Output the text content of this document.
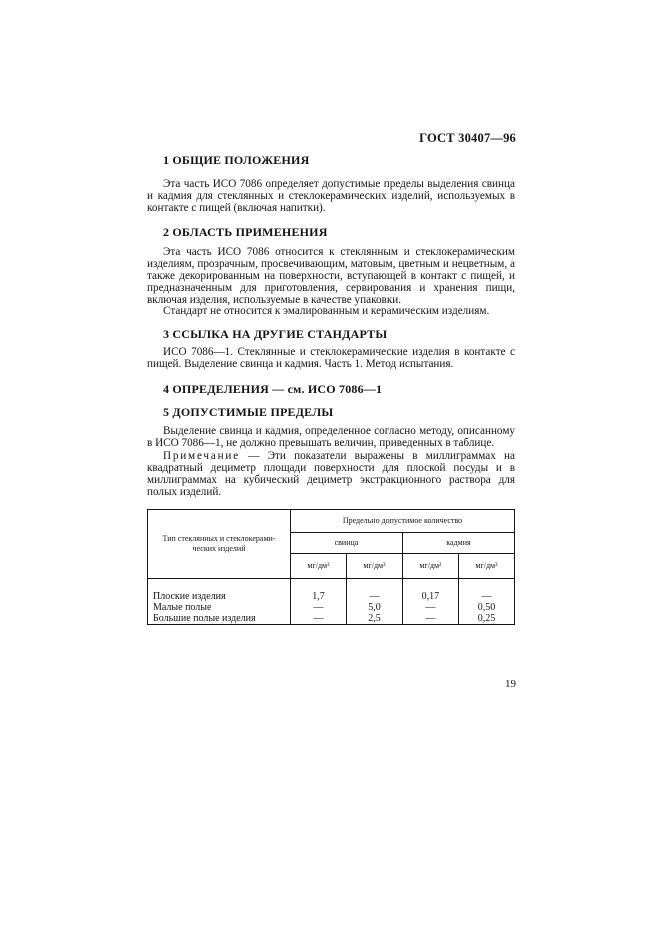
ГОСТ 30407—96
1 ОБЩИЕ ПОЛОЖЕНИЯ

Эта часть ИСО 7086 определяет допустимые пределы выделения свинца и кадмия для стеклянных и стеклокерамических изделий, используемых в контакте с пищей (включая напитки).

2 ОБЛАСТЬ ПРИМЕНЕНИЯ

Эта часть ИСО 7086 относится к стеклянным и стеклокерамическим изделиям, прозрачным, просвечивающим, матовым, цветным и нецветным, а также декорированным на поверхности, вступающей в контакт с пищей, и предназначенным для приготовления, сервирования и хранения пищи, включая изделия, используемые в качестве упаковки.

Стандарт не относится к эмалированным и керамическим изделиям.

3 ССЫЛКА НА ДРУГИЕ СТАНДАРТЫ

ИСО 7086—1. Стеклянные и стеклокерамические изделия в контакте с пищей. Выделение свинца и кадмия. Часть 1. Метод испытания.

4 ОПРЕДЕЛЕНИЯ — см. ИСО 7086—1
5 ДОПУСТИМЫЕ ПРЕДЕЛЫ

Выделение свинца и кадмия, определенное согласно методу, описанному в ИСО 7086—1, не должно превышать величин, приведенных в таблице.

Примечание — Эти показатели выражены в миллиграммах на квадратный дециметр площади поверхности для плоской посуды и в миллиграммах на кубический дециметр экстракционного раствора для полых изделий.

Тип стеклянных и стеклокерами-ческих изделий	Предельно допустимое количество			
	свинца		кадмия	
	мг/дм²	мг/дм³	мг/дм²	мг/дм³
Плоские изделия	1,7	—	0,17	—
Малые полые	—	5,0	—	0,50
Большие полые изделия	—	2,5	—	0,25
19
